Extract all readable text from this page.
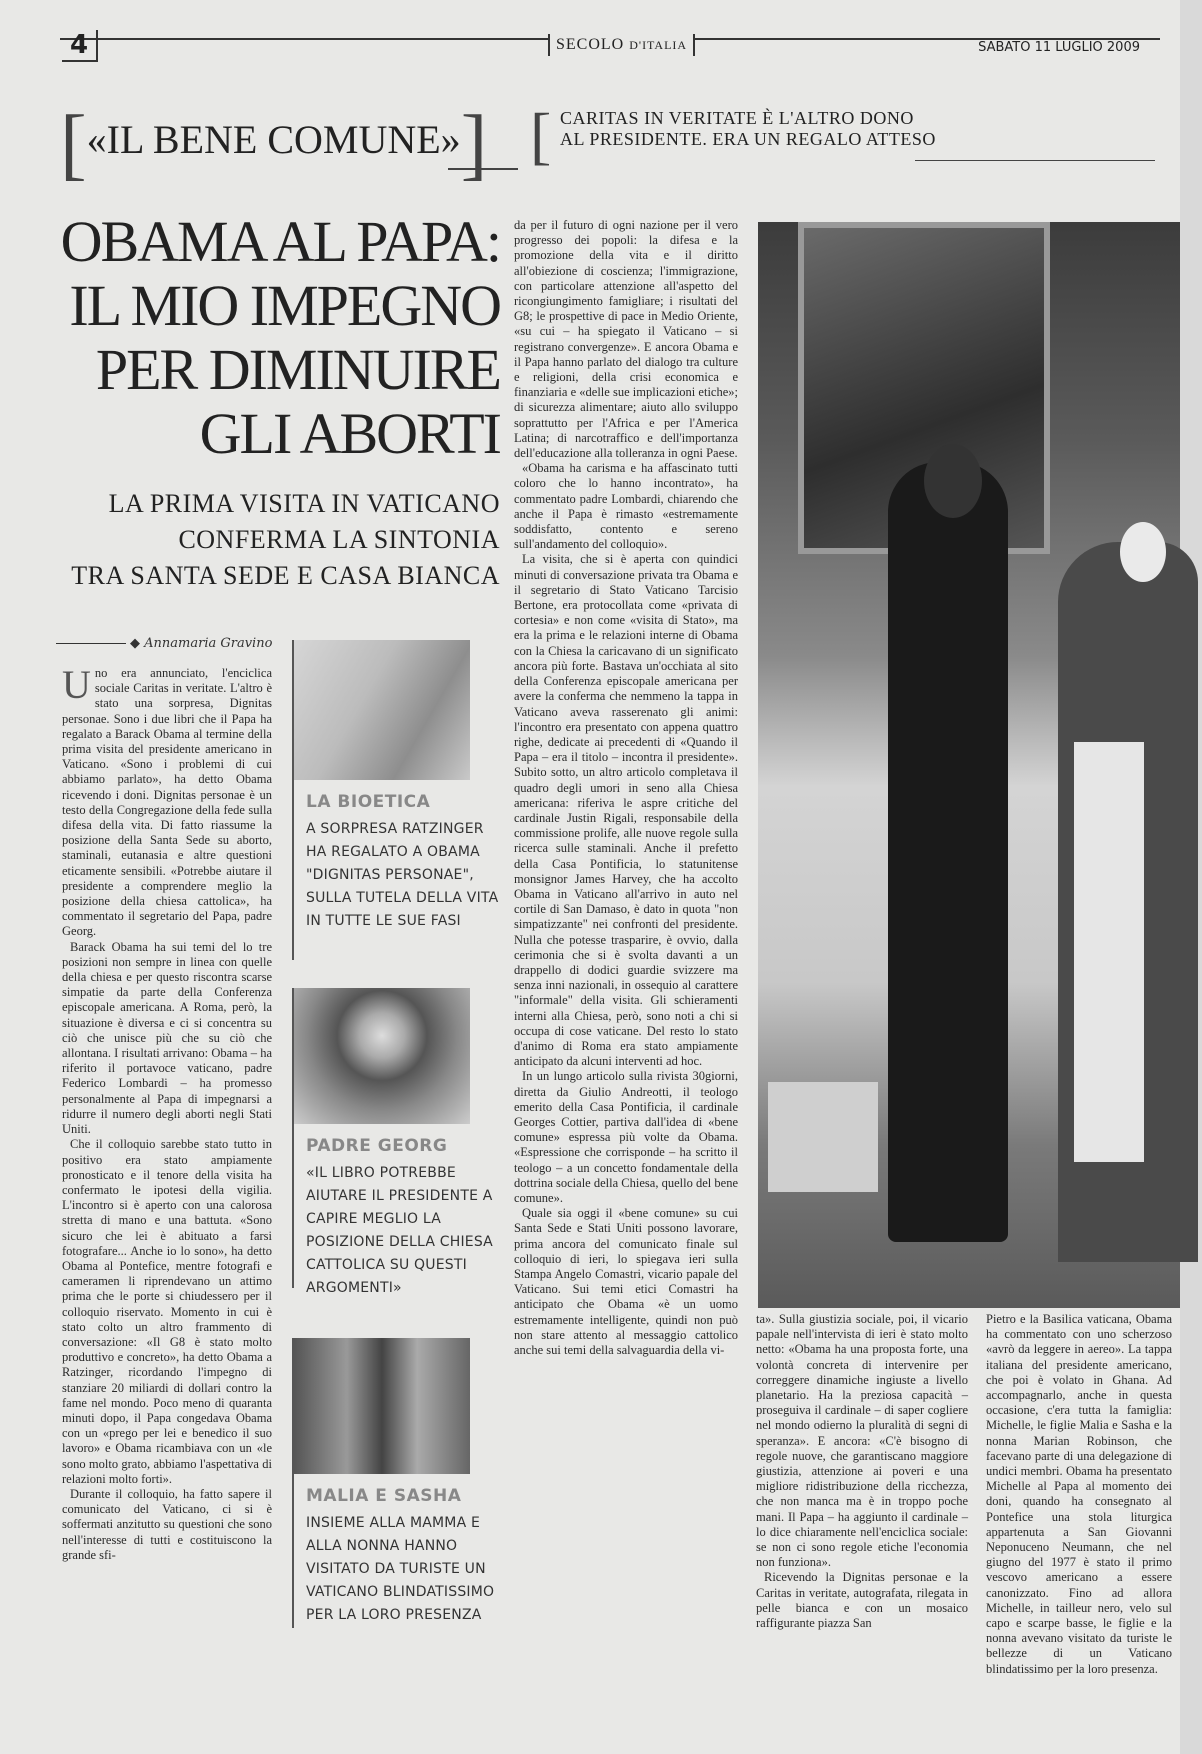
4	SECOLO D'ITALIA	SABATO 11 LUGLIO 2009
[«IL BENE COMUNE»] [ CARITAS IN VERITATE È L'ALTRO DONO
AL PRESIDENTE. ERA UN REGALO ATTESO
OBAMA AL PAPA:
IL MIO IMPEGNO
PER DIMINUIRE
GLI ABORTI
LA PRIMA VISITA IN VATICANO
CONFERMA LA SINTONIA
TRA SANTA SEDE E CASA BIANCA
◆ Annamaria Gravino

Uno era annunciato, l'enciclica sociale Caritas in veritate. L'altro è stato una sorpresa, Dignitas personae. Sono i due libri che il Papa ha regalato a Barack Obama al termine della prima visita del presidente americano in Vaticano. «Sono i problemi di cui abbiamo parlato», ha detto Obama ricevendo i doni. Dignitas personae è un testo della Congregazione della fede sulla difesa della vita. Di fatto riassume la posizione della Santa Sede su aborto, staminali, eutanasia e altre questioni eticamente sensibili. «Potrebbe aiutare il presidente a comprendere meglio la posizione della chiesa cattolica», ha commentato il segretario del Papa, padre Georg.

Barack Obama ha sui temi del lo tre posizioni non sempre in linea con quelle della chiesa e per questo riscontra scarse simpatie da parte della Conferenza episcopale americana. A Roma, però, la situazione è diversa e ci si concentra su ciò che unisce più che su ciò che allontana. I risultati arrivano: Obama – ha riferito il portavoce vaticano, padre Federico Lombardi – ha promesso personalmente al Papa di impegnarsi a ridurre il numero degli aborti negli Stati Uniti.

Che il colloquio sarebbe stato tutto in positivo era stato ampiamente pronosticato e il tenore della visita ha confermato le ipotesi della vigilia. L'incontro si è aperto con una calorosa stretta di mano e una battuta. «Sono sicuro che lei è abituato a farsi fotografare... Anche io lo sono», ha detto Obama al Pontefice, mentre fotografi e cameramen li riprendevano un attimo prima che le porte si chiudessero per il colloquio riservato. Momento in cui è stato colto un altro frammento di conversazione: «Il G8 è stato molto produttivo e concreto», ha detto Obama a Ratzinger, ricordando l'impegno di stanziare 20 miliardi di dollari contro la fame nel mondo. Poco meno di quaranta minuti dopo, il Papa congedava Obama con un «prego per lei e benedico il suo lavoro» e Obama ricambiava con un «le sono molto grato, abbiamo l'aspettativa di relazioni molto forti».

Durante il colloquio, ha fatto sapere il comunicato del Vaticano, ci si è soffermati anzitutto su questioni che sono nell'interesse di tutti e costituiscono la grande sfi-

LA BIOETICA
A SORPRESA RATZINGER HA REGALATO A OBAMA "DIGNITAS PERSONAE", SULLA TUTELA DELLA VITA IN TUTTE LE SUE FASI
PADRE GEORG
«IL LIBRO POTREBBE AIUTARE IL PRESIDENTE A CAPIRE MEGLIO LA POSIZIONE DELLA CHIESA CATTOLICA SU QUESTI ARGOMENTI»
MALIA E SASHA
INSIEME ALLA MAMMA E ALLA NONNA HANNO VISITATO DA TURISTE UN VATICANO BLINDATISSIMO PER LA LORO PRESENZA

da per il futuro di ogni nazione per il vero progresso dei popoli: la difesa e la promozione della vita e il diritto all'obiezione di coscienza; l'immigrazione, con particolare attenzione all'aspetto del ricongiungimento famigliare; i risultati del G8; le prospettive di pace in Medio Oriente, «su cui – ha spiegato il Vaticano – si registrano convergenze». E ancora Obama e il Papa hanno parlato del dialogo tra culture e religioni, della crisi economica e finanziaria e «delle sue implicazioni etiche»; di sicurezza alimentare; aiuto allo sviluppo soprattutto per l'Africa e per l'America Latina; di narcotraffico e dell'importanza dell'educazione alla tolleranza in ogni Paese.

«Obama ha carisma e ha affascinato tutti coloro che lo hanno incontrato», ha commentato padre Lombardi, chiarendo che anche il Papa è rimasto «estremamente soddisfatto, contento e sereno sull'andamento del colloquio».

La visita, che si è aperta con quindici minuti di conversazione privata tra Obama e il segretario di Stato Vaticano Tarcisio Bertone, era protocollata come «privata di cortesia» e non come «visita di Stato», ma era la prima e le relazioni interne di Obama con la Chiesa la caricavano di un significato ancora più forte. Bastava un'occhiata al sito della Conferenza episcopale americana per avere la conferma che nemmeno la tappa in Vaticano aveva rasserenato gli animi: l'incontro era presentato con appena quattro righe, dedicate ai precedenti di «Quando il Papa – era il titolo – incontra il presidente». Subito sotto, un altro articolo completava il quadro degli umori in seno alla Chiesa americana: riferiva le aspre critiche del cardinale Justin Rigali, responsabile della commissione prolife, alle nuove regole sulla ricerca sulle staminali. Anche il prefetto della Casa Pontificia, lo statunitense monsignor James Harvey, che ha accolto Obama in Vaticano all'arrivo in auto nel cortile di San Damaso, è dato in quota "non simpatizzante" nei confronti del presidente. Nulla che potesse trasparire, è ovvio, dalla cerimonia che si è svolta davanti a un drappello di dodici guardie svizzere ma senza inni nazionali, in ossequio al carattere "informale" della visita. Gli schieramenti interni alla Chiesa, però, sono noti a chi si occupa di cose vaticane. Del resto lo stato d'animo di Roma era stato ampiamente anticipato da alcuni interventi ad hoc.

In un lungo articolo sulla rivista 30giorni, diretta da Giulio Andreotti, il teologo emerito della Casa Pontificia, il cardinale Georges Cottier, partiva dall'idea di «bene comune» espressa più volte da Obama. «Espressione che corrisponde – ha scritto il teologo – a un concetto fondamentale della dottrina sociale della Chiesa, quello del bene comune».

Quale sia oggi il «bene comune» su cui Santa Sede e Stati Uniti possono lavorare, prima ancora del comunicato finale sul colloquio di ieri, lo spiegava ieri sulla Stampa Angelo Comastri, vicario papale del Vaticano. Sui temi etici Comastri ha anticipato che Obama «è un uomo estremamente intelligente, quindi non può non stare attento al messaggio cattolico anche sui temi della salvaguardia della vi-

ta». Sulla giustizia sociale, poi, il vicario papale nell'intervista di ieri è stato molto netto: «Obama ha una proposta forte, una volontà concreta di intervenire per correggere dinamiche ingiuste a livello planetario. Ha la preziosa capacità – proseguiva il cardinale – di saper cogliere nel mondo odierno la pluralità di segni di speranza». E ancora: «C'è bisogno di regole nuove, che garantiscano maggiore giustizia, attenzione ai poveri e una migliore ridistribuzione della ricchezza, che non manca ma è in troppo poche mani. Il Papa – ha aggiunto il cardinale – lo dice chiaramente nell'enciclica sociale: se non ci sono regole etiche l'economia non funziona».

Ricevendo la Dignitas personae e la Caritas in veritate, autografata, rilegata in pelle bianca e con un mosaico raffigurante piazza San

Pietro e la Basilica vaticana, Obama ha commentato con uno scherzoso «avrò da leggere in aereo». La tappa italiana del presidente americano, che poi è volato in Ghana. Ad accompagnarlo, anche in questa occasione, c'era tutta la famiglia: Michelle, le figlie Malia e Sasha e la nonna Marian Robinson, che facevano parte di una delegazione di undici membri. Obama ha presentato Michelle al Papa al momento dei doni, quando ha consegnato al Pontefice una stola liturgica appartenuta a San Giovanni Neponuceno Neumann, che nel giugno del 1977 è stato il primo vescovo americano a essere canonizzato. Fino ad allora Michelle, in tailleur nero, velo sul capo e scarpe basse, le figlie e la nonna avevano visitato da turiste le bellezze di un Vaticano blindatissimo per la loro presenza.
